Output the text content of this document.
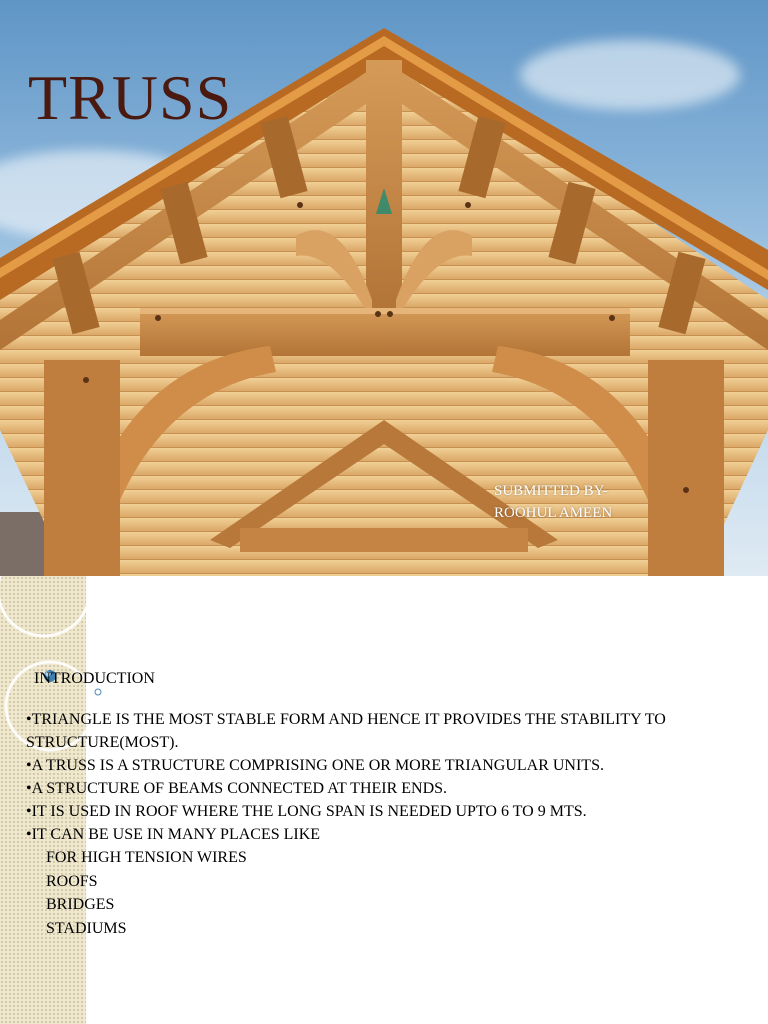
TRUSS
SUBMITTED BY-
ROOHUL AMEEN

INTRODUCTION

•TRIANGLE IS THE MOST STABLE FORM AND HENCE IT PROVIDES THE STABILITY TO STRUCTURE(MOST).
•A TRUSS IS A STRUCTURE COMPRISING ONE OR MORE TRIANGULAR UNITS.
•A STRUCTURE OF BEAMS CONNECTED AT THEIR ENDS.
•IT IS USED IN ROOF WHERE THE LONG SPAN IS NEEDED UPTO 6 TO 9 MTS.
•IT CAN BE USE IN MANY PLACES LIKE
FOR HIGH TENSION WIRES
ROOFS
BRIDGES
STADIUMS
